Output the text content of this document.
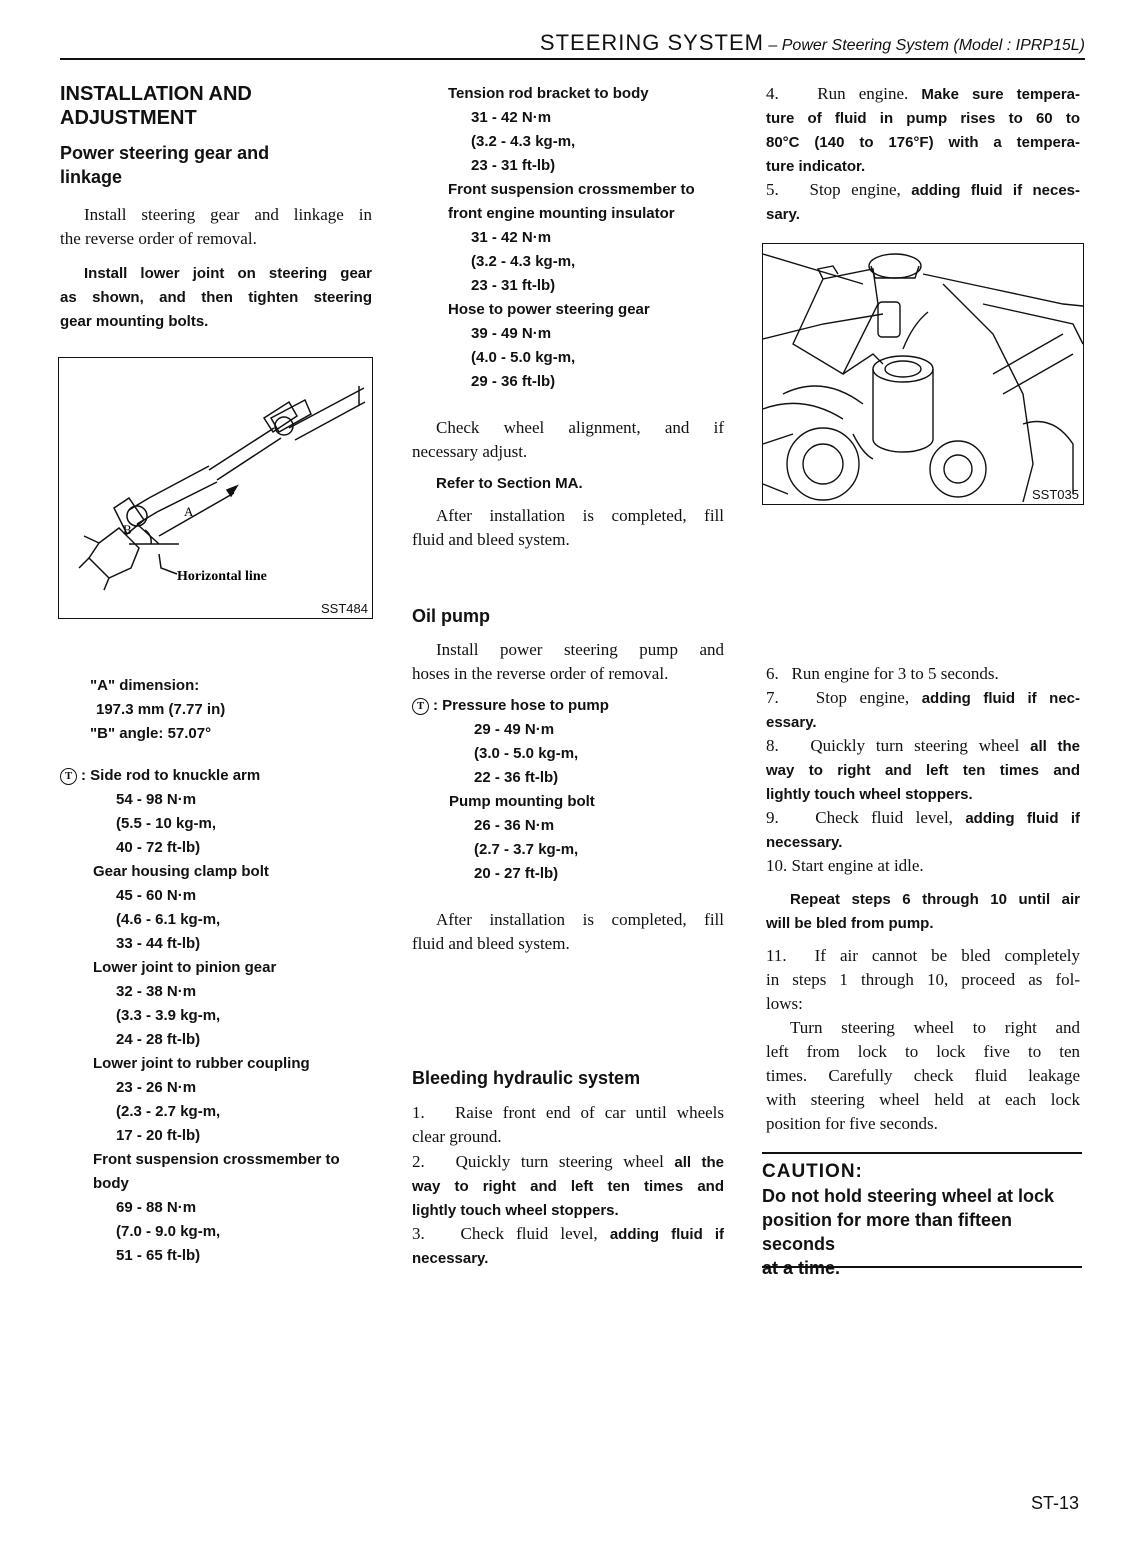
STEERING SYSTEM – Power Steering System (Model : IPRP15L)
INSTALLATION AND
ADJUSTMENT
Power steering gear and
linkage
Install steering gear and linkage in
the reverse order of removal.
Install lower joint on steering gear
as shown, and then tighten steering
gear mounting bolts.
A
B
Horizontal line
SST484
"A" dimension:
197.3 mm (7.77 in)
"B" angle: 57.07°
T : Side rod to knuckle arm
54 - 98 N·m
(5.5 - 10 kg-m,
40 - 72 ft-lb)
Gear housing clamp bolt
45 - 60 N·m
(4.6 - 6.1 kg-m,
33 - 44 ft-lb)
Lower joint to pinion gear
32 - 38 N·m
(3.3 - 3.9 kg-m,
24 - 28 ft-lb)
Lower joint to rubber coupling
23 - 26 N·m
(2.3 - 2.7 kg-m,
17 - 20 ft-lb)
Front suspension crossmember to
body
69 - 88 N·m
(7.0 - 9.0 kg-m,
51 - 65 ft-lb)
Tension rod bracket to body
31 - 42 N·m
(3.2 - 4.3 kg-m,
23 - 31 ft-lb)
Front suspension crossmember to
front engine mounting insulator
31 - 42 N·m
(3.2 - 4.3 kg-m,
23 - 31 ft-lb)
Hose to power steering gear
39 - 49 N·m
(4.0 - 5.0 kg-m,
29 - 36 ft-lb)
Check wheel alignment, and if
necessary adjust.
Refer to Section MA.
After installation is completed, fill
fluid and bleed system.
Oil pump
Install power steering pump and
hoses in the reverse order of removal.
T : Pressure hose to pump
29 - 49 N·m
(3.0 - 5.0 kg-m,
22 - 36 ft-lb)
Pump mounting bolt
26 - 36 N·m
(2.7 - 3.7 kg-m,
20 - 27 ft-lb)
After installation is completed, fill
fluid and bleed system.
Bleeding hydraulic system
1. Raise front end of car until wheels
clear ground.
2. Quickly turn steering wheel all the
way to right and left ten times and
lightly touch wheel stoppers.
3. Check fluid level, adding fluid if
necessary.
4. Run engine. Make sure tempera-
ture of fluid in pump rises to 60 to
80°C (140 to 176°F) with a tempera-
ture indicator.
5. Stop engine, adding fluid if neces-
sary.
SST035
6. Run engine for 3 to 5 seconds.
7. Stop engine, adding fluid if nec-
essary.
8. Quickly turn steering wheel all the
way to right and left ten times and
lightly touch wheel stoppers.
9. Check fluid level, adding fluid if
necessary.
10. Start engine at idle.
Repeat steps 6 through 10 until air
will be bled from pump.
11. If air cannot be bled completely
in steps 1 through 10, proceed as fol-
lows:
Turn steering wheel to right and
left from lock to lock five to ten
times. Carefully check fluid leakage
with steering wheel held at each lock
position for five seconds.
CAUTION:
Do not hold steering wheel at lock
position for more than fifteen seconds
at a time.
ST-13
